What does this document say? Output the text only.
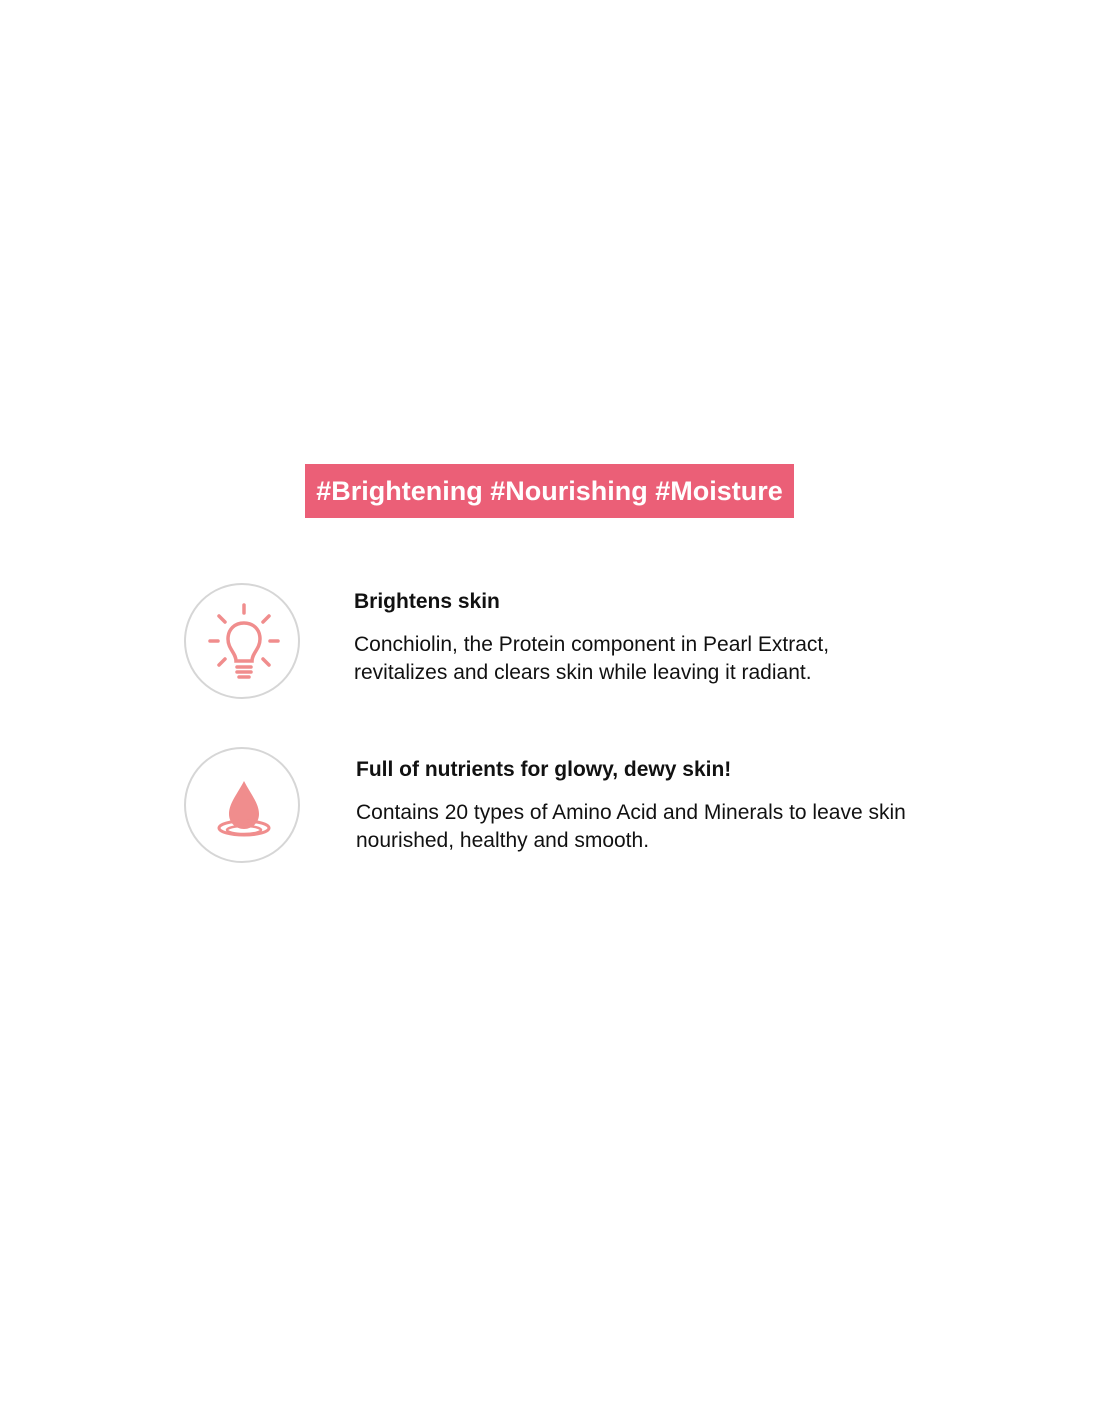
#Brightening #Nourishing #Moisture
Brightens skin

Conchiolin, the Protein component in Pearl Extract, revitalizes and clears skin while leaving it radiant.

Full of nutrients for glowy, dewy skin!

Contains 20 types of Amino Acid and Minerals to leave skin nourished, healthy and smooth.
